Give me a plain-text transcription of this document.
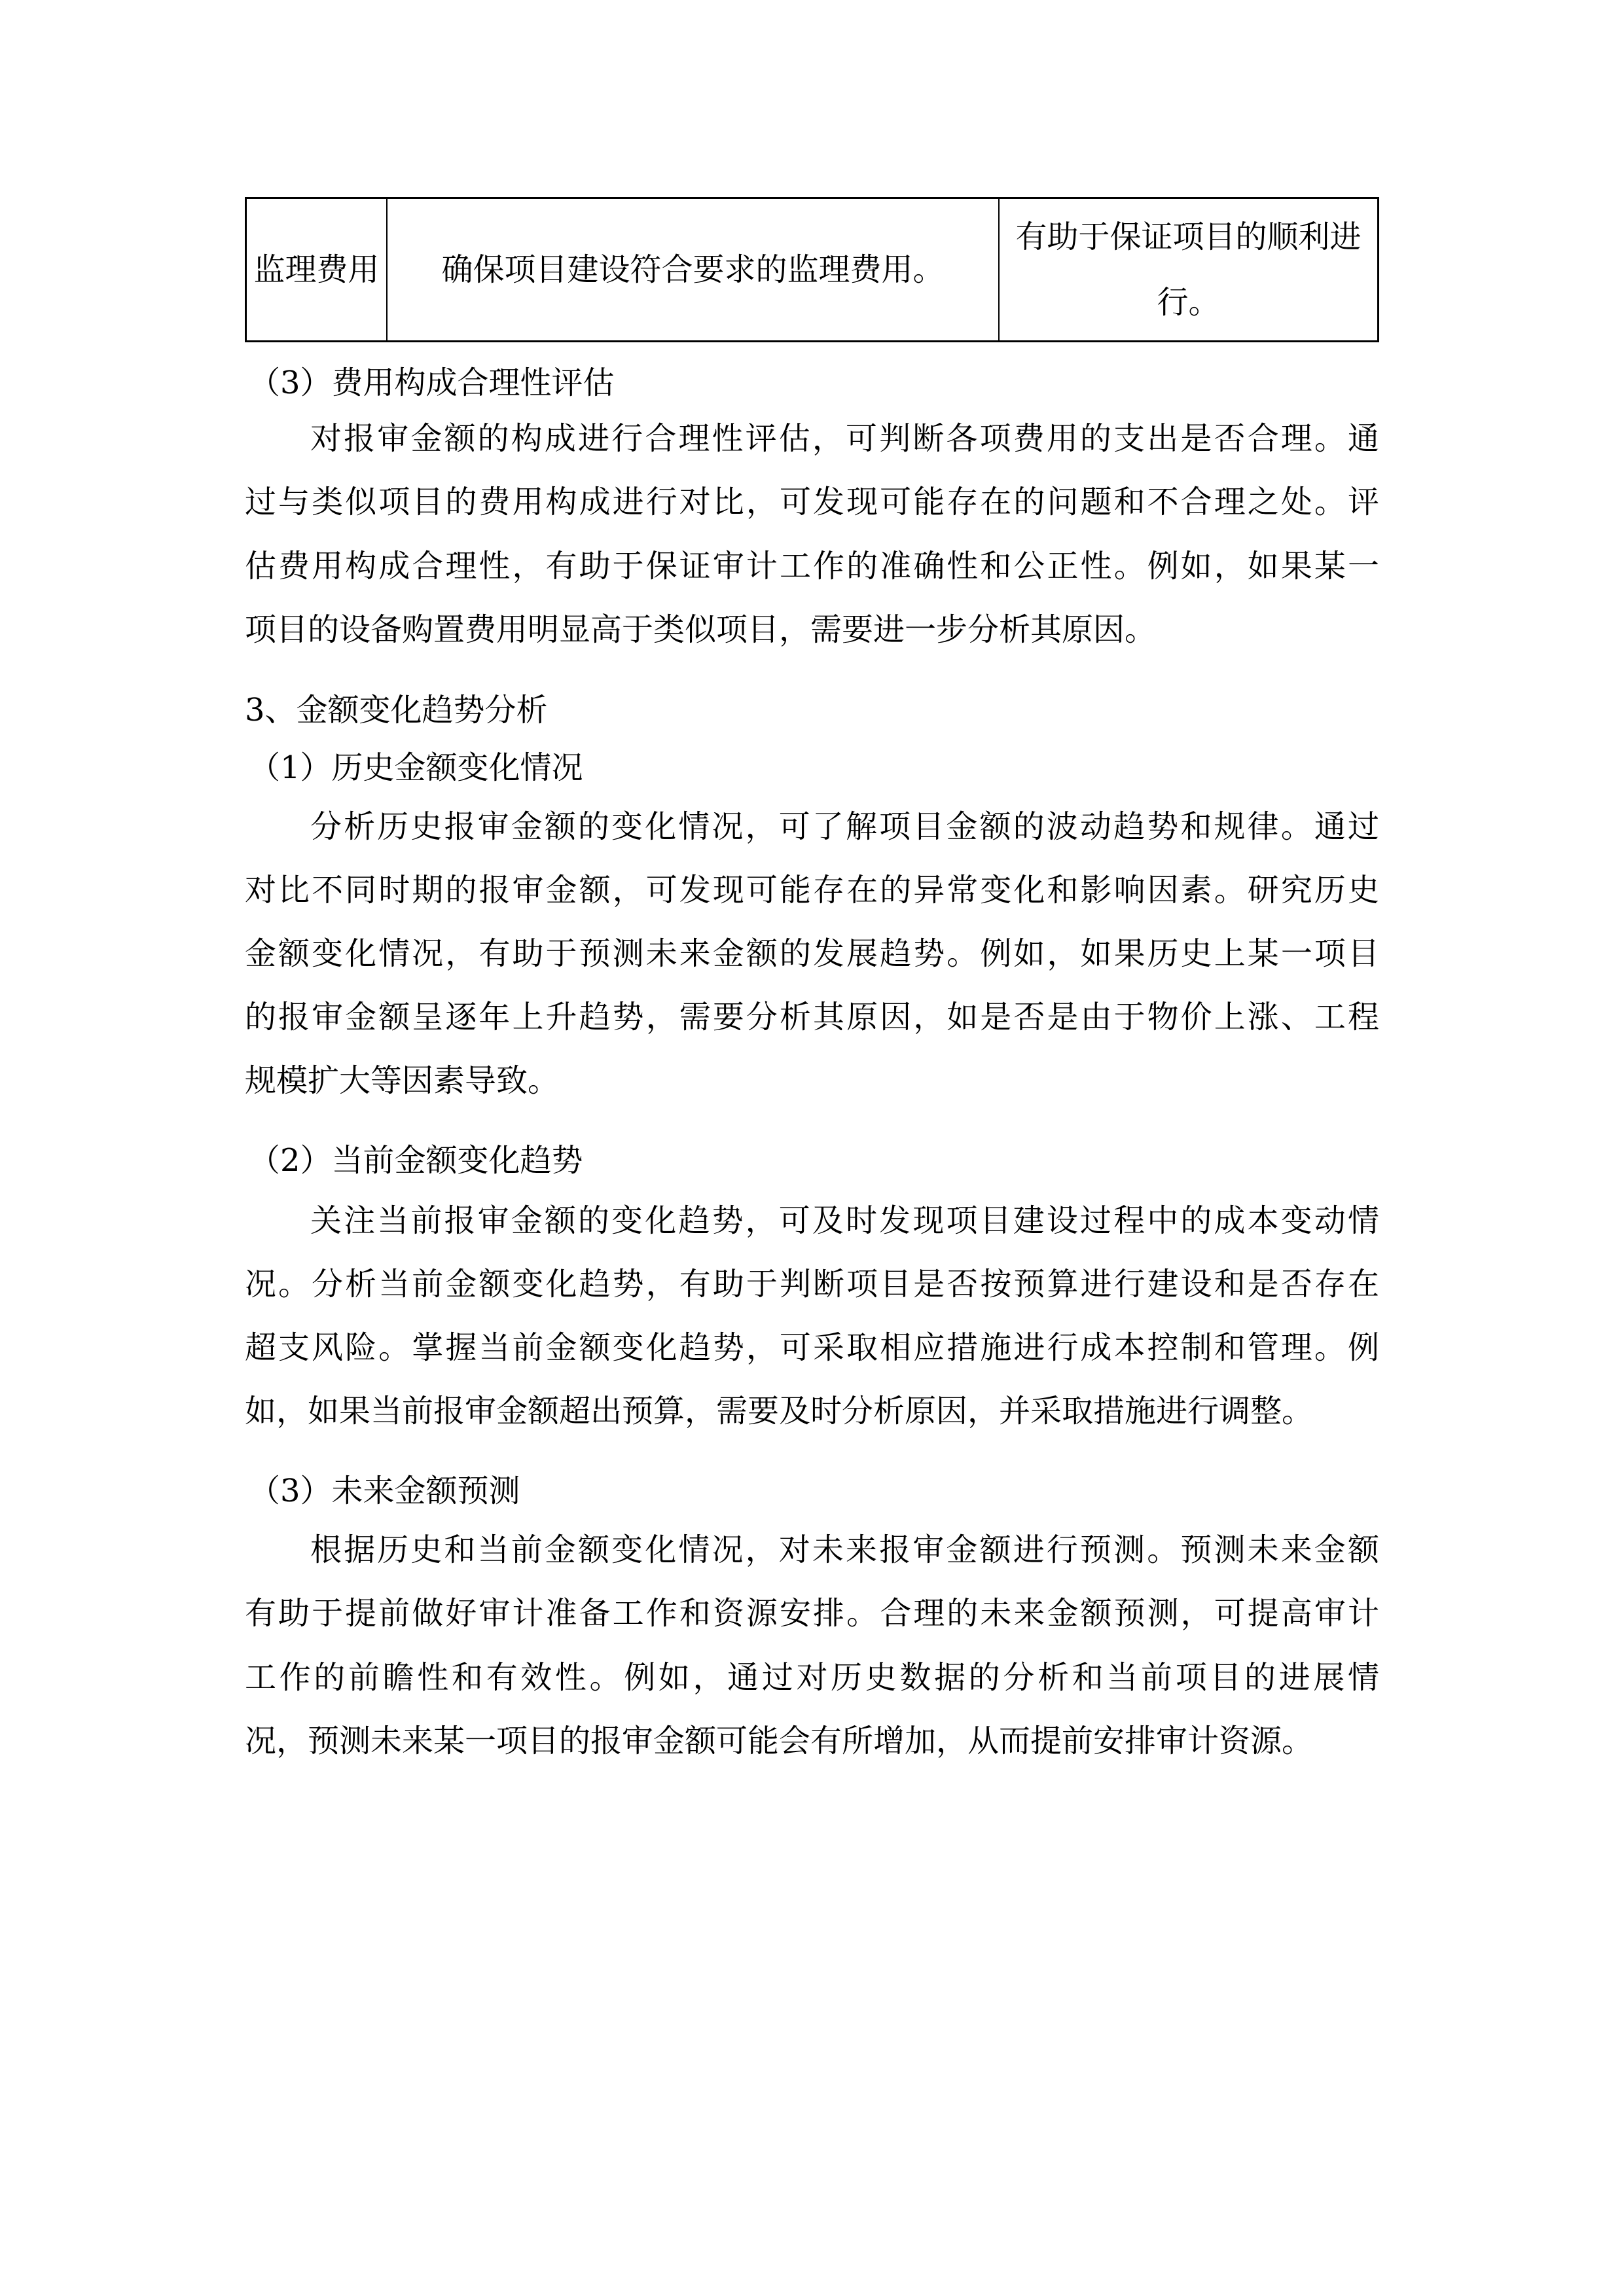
监理费用 确保项目建设符合要求的监理费用。
有助于保证项目的顺利进
行。
（3）费用构成合理性评估
对报审金额的构成进行合理性评估，可判断各项费用的支出是否合理。通
过与类似项目的费用构成进行对比，可发现可能存在的问题和不合理之处。评
估费用构成合理性，有助于保证审计工作的准确性和公正性。例如，如果某一
项目的设备购置费用明显高于类似项目，需要进一步分析其原因。
3、金额变化趋势分析
（1）历史金额变化情况
分析历史报审金额的变化情况，可了解项目金额的波动趋势和规律。通过
对比不同时期的报审金额，可发现可能存在的异常变化和影响因素。研究历史
金额变化情况，有助于预测未来金额的发展趋势。例如，如果历史上某一项目
的报审金额呈逐年上升趋势，需要分析其原因，如是否是由于物价上涨、工程
规模扩大等因素导致。
（2）当前金额变化趋势
关注当前报审金额的变化趋势，可及时发现项目建设过程中的成本变动情
况。分析当前金额变化趋势，有助于判断项目是否按预算进行建设和是否存在
超支风险。掌握当前金额变化趋势，可采取相应措施进行成本控制和管理。例
如，如果当前报审金额超出预算，需要及时分析原因，并采取措施进行调整。
（3）未来金额预测
根据历史和当前金额变化情况，对未来报审金额进行预测。预测未来金额
有助于提前做好审计准备工作和资源安排。合理的未来金额预测，可提高审计
工作的前瞻性和有效性。例如，通过对历史数据的分析和当前项目的进展情
况，预测未来某一项目的报审金额可能会有所增加，从而提前安排审计资源。
